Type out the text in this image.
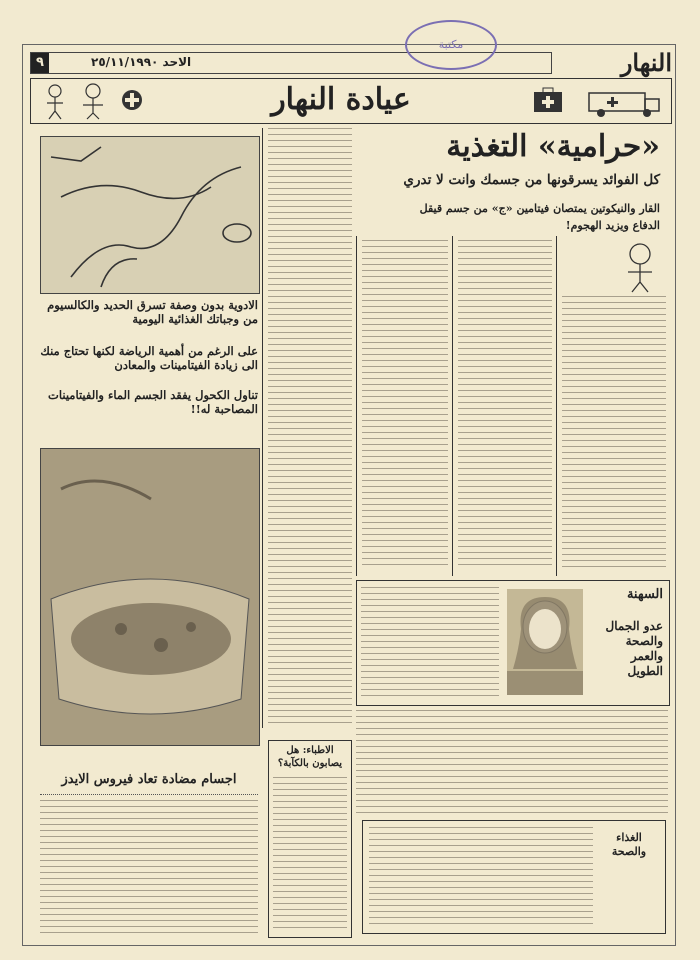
النهار
الاحد ٢٥/١١/١٩٩٠
٩
مكتبة
عيادة النهار
«حرامية» التغذية
كل الفوائد يسرقونها من جسمك وانت لا تدري
القار والنيكوتين يمتصان فيتامين «ج» من جسم قيقل
الدفاع ويزيد الهجوم!
الادوية بدون وصفة تسرق الحديد والكالسيوم من وجباتك الغذائية اليومية
على الرغم من أهمية الرياضة لكنها تحتاج منك الى زيادة الفيتامينات والمعادن
تناول الكحول يفقد الجسم الماء والفيتامينات المصاحبة له!!
السهنة
عدو الجمال والصحة والعمر الطويل
الاطباء: هل يصابون بالكآبة؟
اجسام مضادة تعاد فيروس الايدز
الغذاء والصحة
